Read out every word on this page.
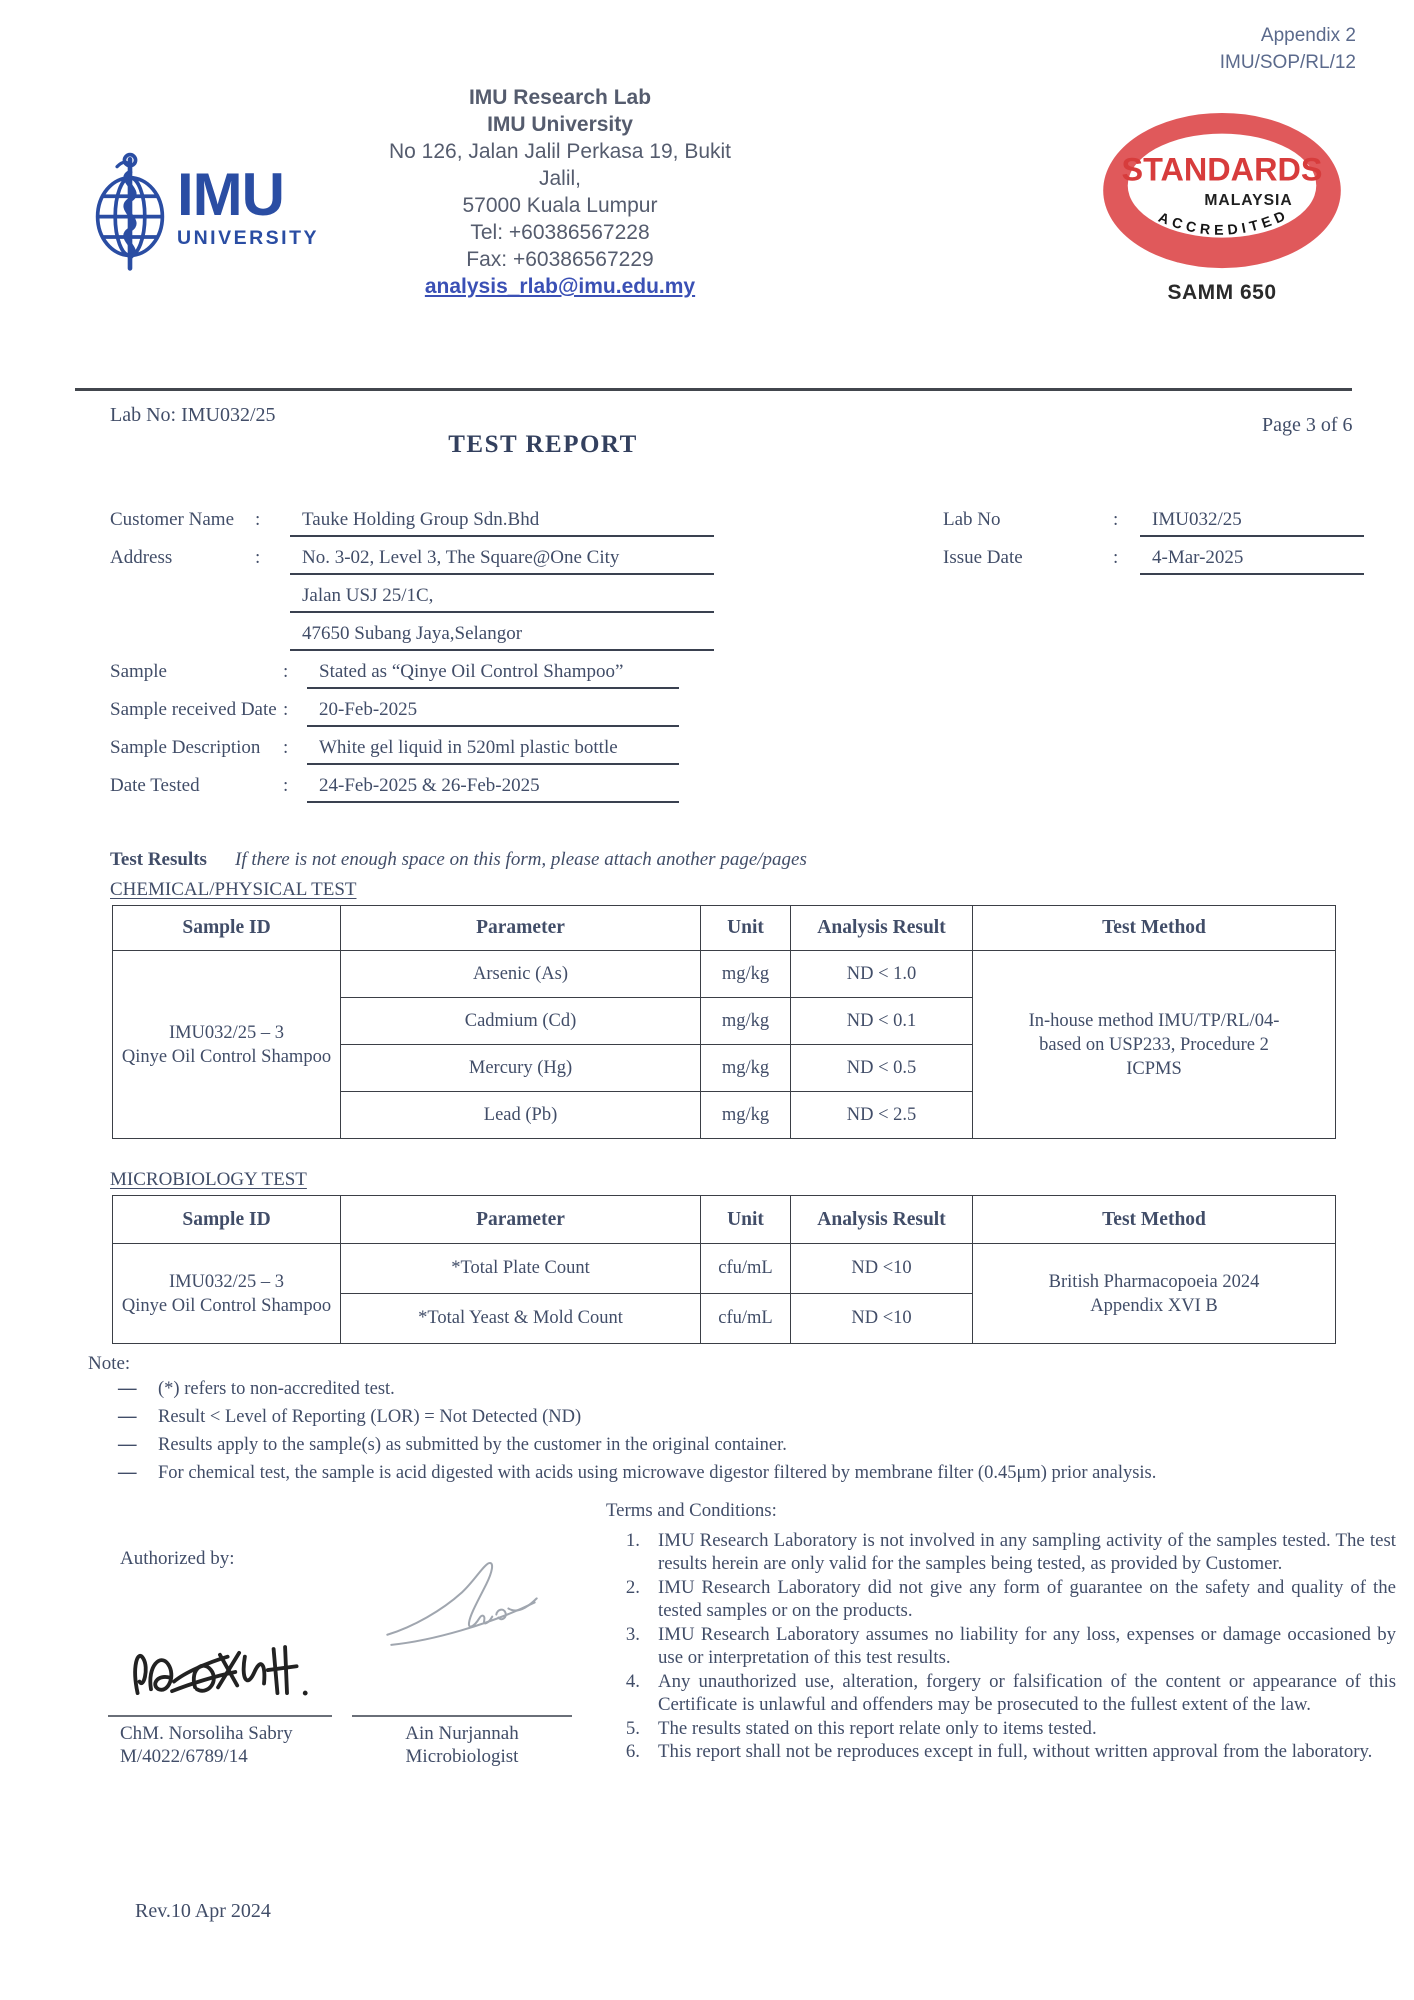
Appendix 2
IMU/SOP/RL/12
IMU
UNIVERSITY
IMU Research Lab
IMU University
No 126, Jalan Jalil Perkasa 19, Bukit Jalil,
57000 Kuala Lumpur
Tel: +60386567228
Fax: +60386567229
analysis_rlab@imu.edu.my
STANDARDS
MALAYSIA
ACCREDITED
SAMM 650
Lab No: IMU032/25	Page 3 of 6
TEST REPORT
Customer Name :	Tauke Holding Group Sdn.Bhd
Address	:	No. 3-02, Level 3, The Square@One City
Jalan USJ 25/1C,
47650 Subang Jaya,Selangor
Sample	:	Stated as “Qinye Oil Control Shampoo”
Sample received Date :	20-Feb-2025
Sample Description :	White gel liquid in 520ml plastic bottle
Date Tested	:	24-Feb-2025 & 26-Feb-2025
Lab No	:	IMU032/25
Issue Date	:	4-Mar-2025
Test Results If there is not enough space on this form, please attach another page/pages
CHEMICAL/PHYSICAL TEST
Sample ID	Parameter	Unit	Analysis Result	Test Method

IMU032/25 – 3
Qinye Oil Control Shampoo
	Arsenic (As)	mg/kg	ND < 1.0	
In-house method IMU/TP/RL/04-
based on USP233, Procedure 2
ICPMS

	Cadmium (Cd)	mg/kg	ND < 0.1	
	Mercury (Hg)	mg/kg	ND < 0.5	
	Lead (Pb)	mg/kg	ND < 2.5	
MICROBIOLOGY TEST
Sample ID	Parameter	Unit	Analysis Result	Test Method

IMU032/25 – 3
Qinye Oil Control Shampoo
	*Total Plate Count	cfu/mL	ND <10	
British Pharmacopoeia 2024
Appendix XVI B

	*Total Yeast & Mold Count	cfu/mL	ND <10	
Note:
—	(*) refers to non-accredited test.
—	Result < Level of Reporting (LOR) = Not Detected (ND)
—	Results apply to the sample(s) as submitted by the customer in the original container.
—	For chemical test, the sample is acid digested with acids using microwave digestor filtered by membrane filter (0.45μm) prior analysis.
Terms and Conditions:
1. IMU Research Laboratory is not involved in any sampling activity of the samples tested. The test results herein are only valid for the samples being tested, as provided by Customer.
2. IMU Research Laboratory did not give any form of guarantee on the safety and quality of the tested samples or on the products.
3. IMU Research Laboratory assumes no liability for any loss, expenses or damage occasioned by use or interpretation of this test results.
4. Any unauthorized use, alteration, forgery or falsification of the content or appearance of this Certificate is unlawful and offenders may be prosecuted to the fullest extent of the law.
5. The results stated on this report relate only to items tested.
6. This report shall not be reproduces except in full, without written approval from the laboratory.
Authorized by:
ChM. Norsoliha Sabry
M/4022/6789/14
Ain Nurjannah
Microbiologist
Rev.10 Apr 2024
